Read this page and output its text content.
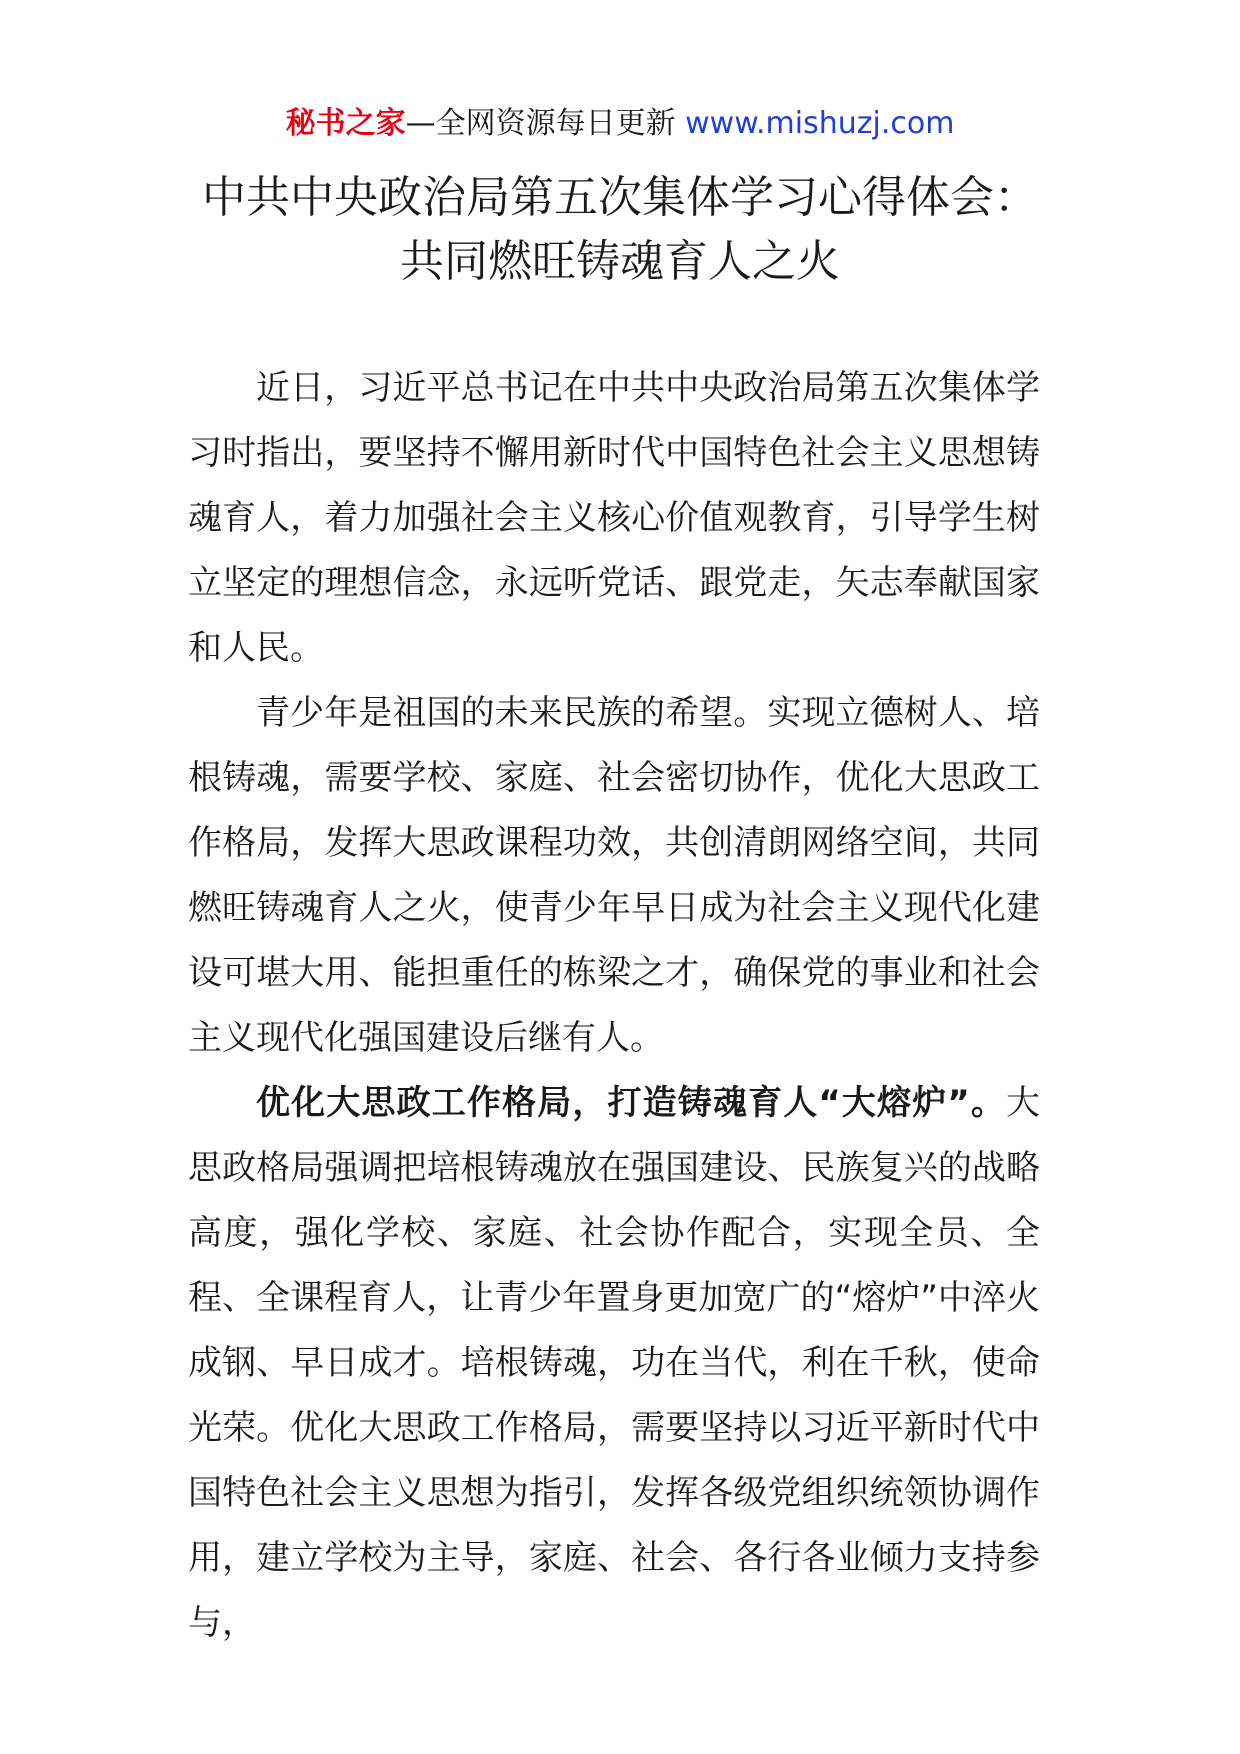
秘书之家—全网资源每日更新 www.mishuzj.com
中共中央政治局第五次集体学习心得体会：
共同燃旺铸魂育人之火

近日，习近平总书记在中共中央政治局第五次集体学习时指出，要坚持不懈用新时代中国特色社会主义思想铸魂育人，着力加强社会主义核心价值观教育，引导学生树立坚定的理想信念，永远听党话、跟党走，矢志奉献国家和人民。

青少年是祖国的未来民族的希望。实现立德树人、培根铸魂，需要学校、家庭、社会密切协作，优化大思政工作格局，发挥大思政课程功效，共创清朗网络空间，共同燃旺铸魂育人之火，使青少年早日成为社会主义现代化建设可堪大用、能担重任的栋梁之才，确保党的事业和社会主义现代化强国建设后继有人。

优化大思政工作格局，打造铸魂育人“大熔炉”。大思政格局强调把培根铸魂放在强国建设、民族复兴的战略高度，强化学校、家庭、社会协作配合，实现全员、全程、全课程育人，让青少年置身更加宽广的“熔炉”中淬火成钢、早日成才。培根铸魂，功在当代，利在千秋，使命光荣。优化大思政工作格局，需要坚持以习近平新时代中国特色社会主义思想为指引，发挥各级党组织统领协调作用，建立学校为主导，家庭、社会、各行各业倾力支持参与，
